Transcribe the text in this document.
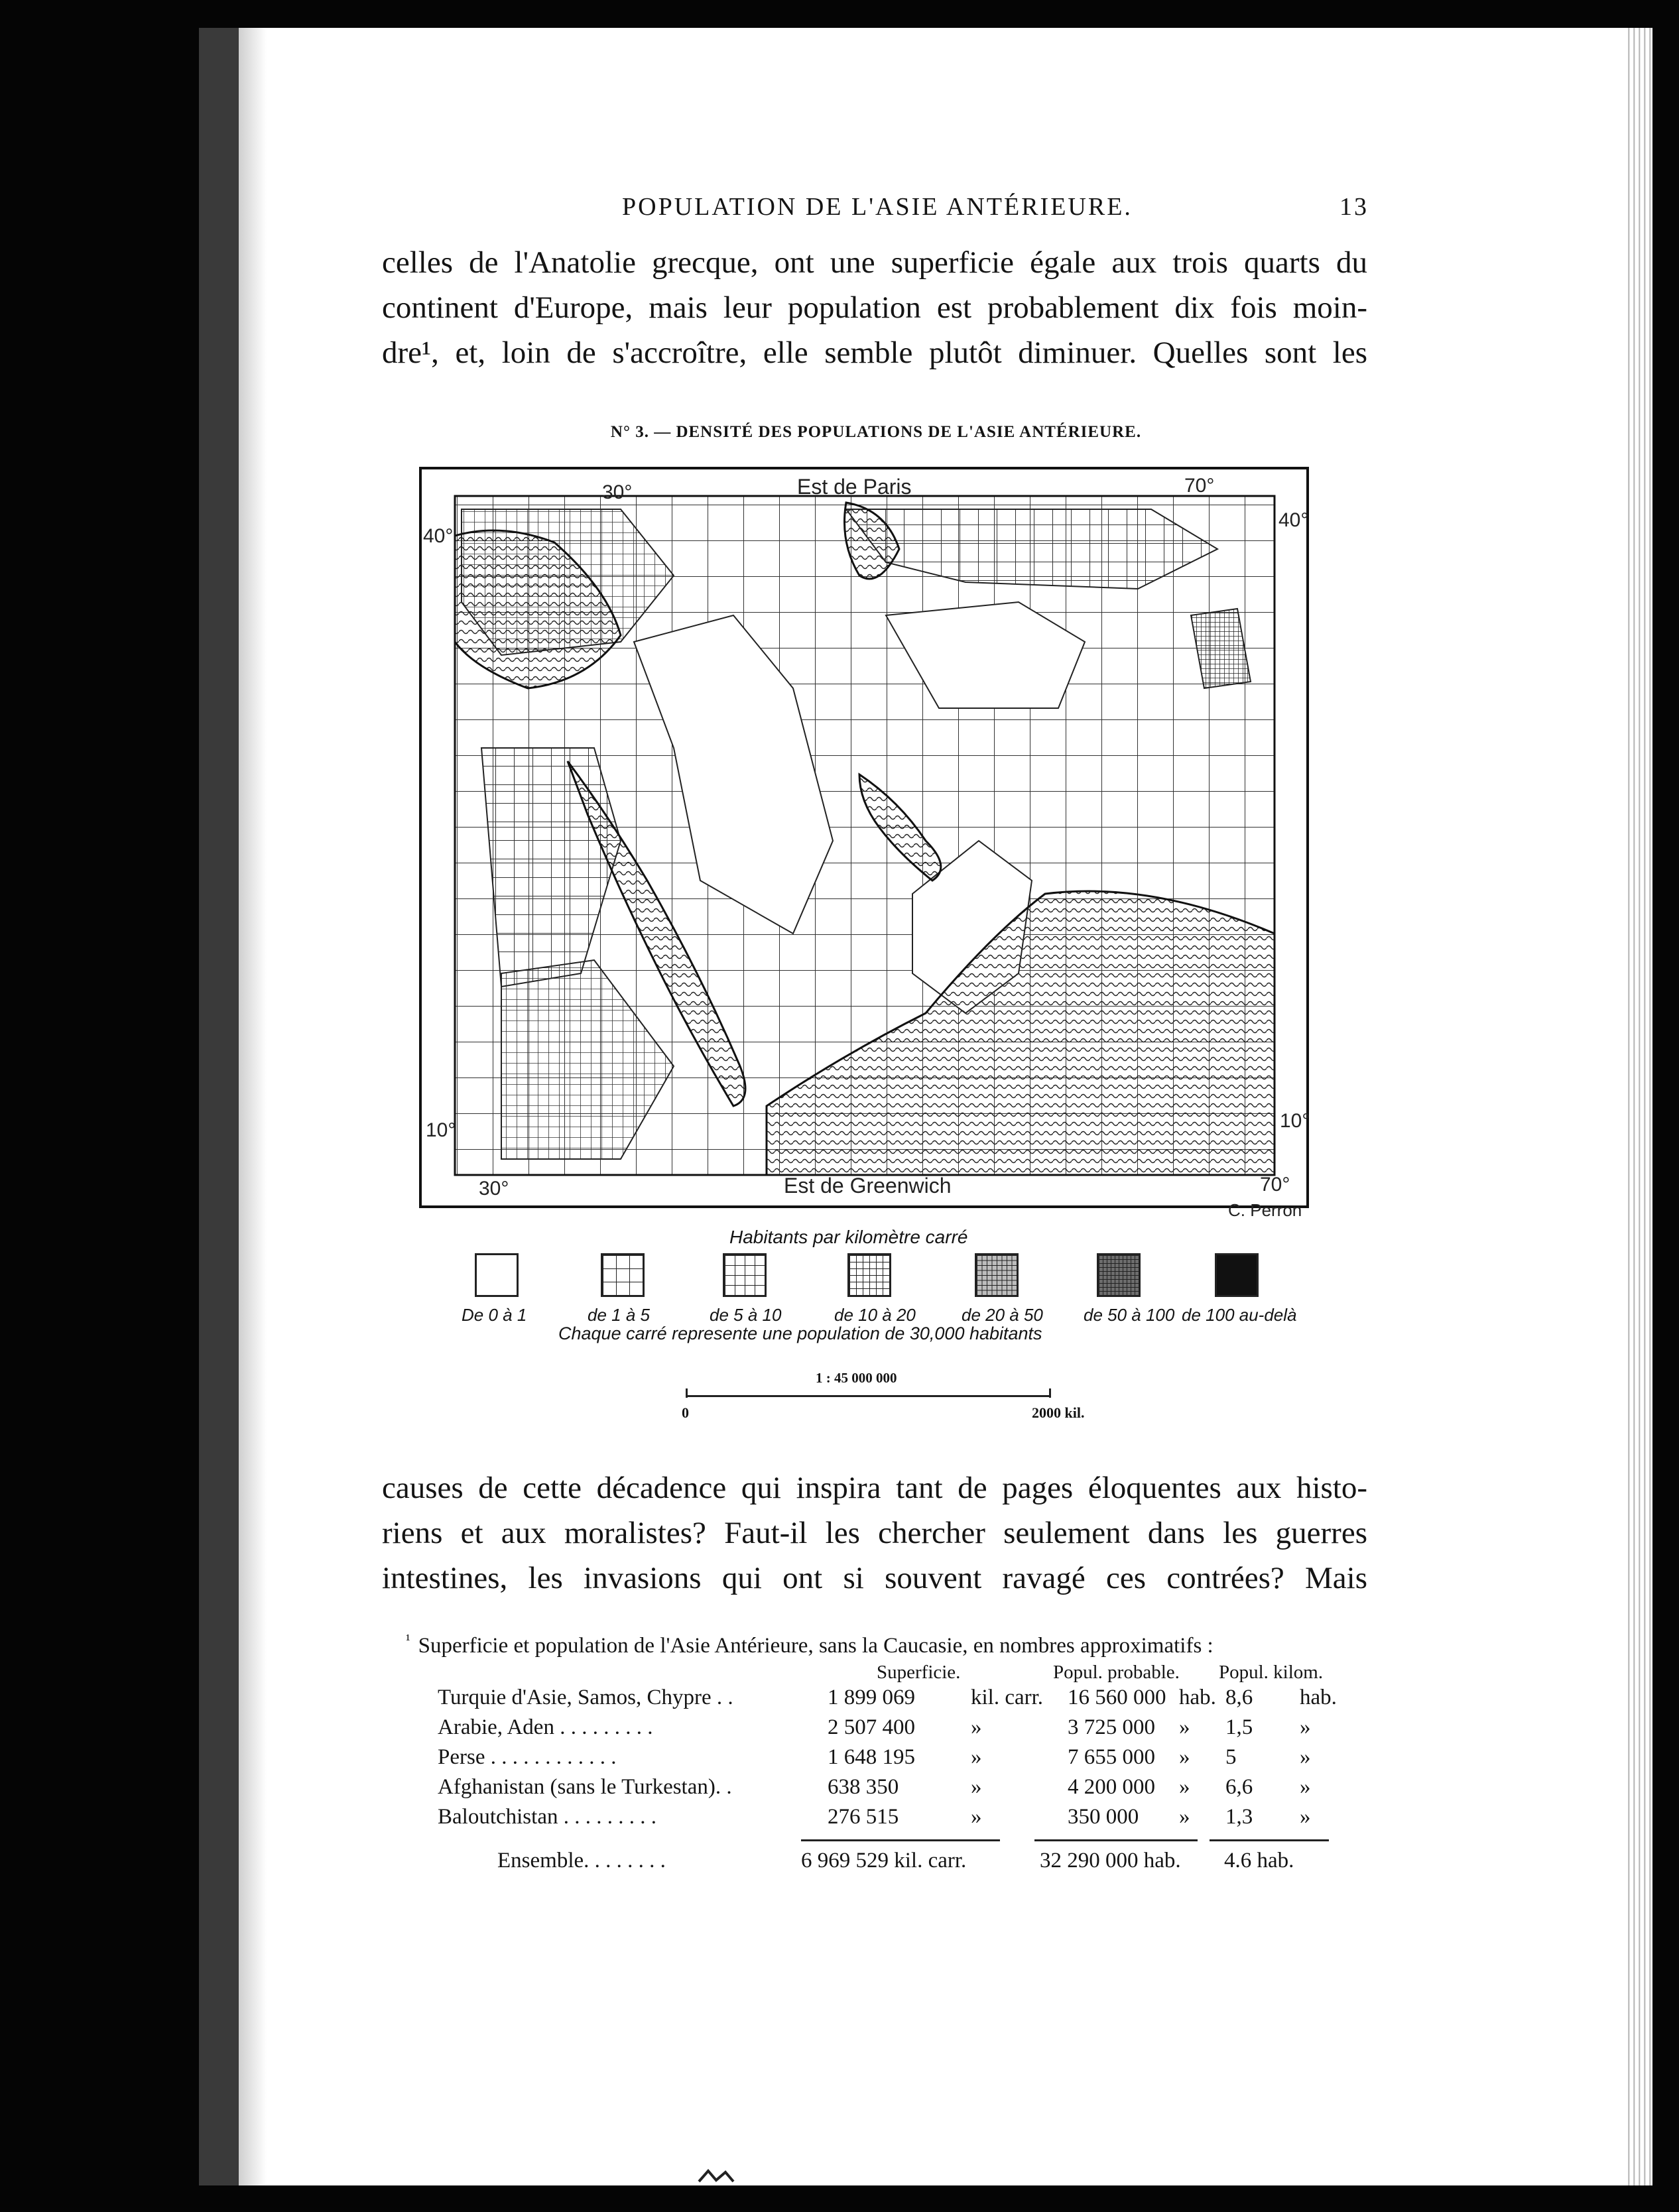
POPULATION DE L'ASIE ANTÉRIEURE.	13
celles de l'Anatolie grecque, ont une superficie égale aux trois quarts du
continent d'Europe, mais leur population est probablement dix fois moin-
dre¹, et, loin de s'accroître, elle semble plutôt diminuer. Quelles sont les
N° 3. — DENSITÉ DES POPULATIONS DE L'ASIE ANTÉRIEURE.
30°	Est de Paris	70°
40°
40°
10°	10°
Est de Greenwich	70°
30°
C. Perron
Habitants par kilomètre carré
De 0 à 1	de 1 à 5	de 5 à 10	de 10 à 20	de 20 à 50 de 50 à 100 de 100 au-delà
Chaque carré represente une population de 30,000 habitants
1 : 45 000 000
0	2000 kil.
causes de cette décadence qui inspira tant de pages éloquentes aux histo-
riens et aux moralistes? Faut-il les chercher seulement dans les guerres
intestines, les invasions qui ont si souvent ravagé ces contrées? Mais
$^{^1}$ Superficie et population de l'Asie Antérieure, sans la Caucasie, en nombres approximatifs :
Superficie.	Popul. probable. Popul. kilom.
Turquie d'Asie, Samos, Chypre . .	1 899 069	kil. carr. 16 560 000 hab. 8,6 hab.
Arabie, Aden . . . . . . . . .	2 507 400	»	3 725 000 » 1,5 »
Perse . . . . . . . . . . . .	1 648 195	»	7 655 000 » 5	»
Afghanistan (sans le Turkestan). .	638 350	»	4 200 000 » 6,6 »
Baloutchistan . . . . . . . . .	276 515	»	350 000 » 1,3 »
Ensemble. . . . . . . .	6 969 529 kil. carr.	32 290 000 hab. 4.6 hab.
